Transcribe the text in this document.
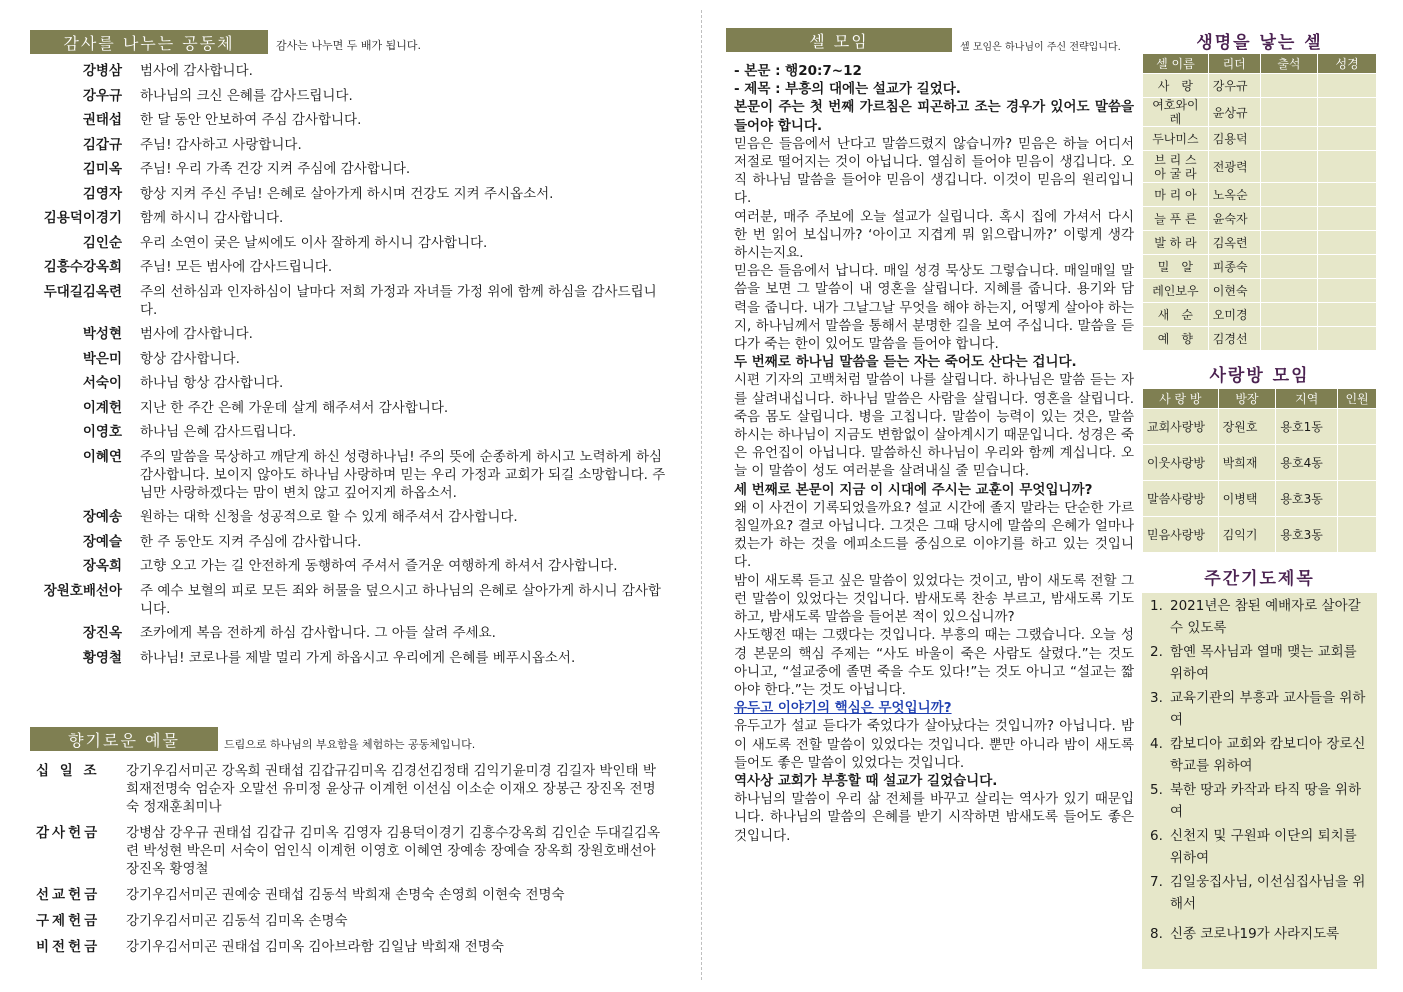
감사를 나누는 공동체	감사는 나누면 두 배가 됩니다.
강병삼 범사에 감사합니다.
강우규 하나님의 크신 은혜를 감사드립니다.
권태섭 한 달 동안 안보하여 주심 감사합니다.
김갑규 주님! 감사하고 사랑합니다.
김미옥 주님! 우리 가족 건강 지켜 주심에 감사합니다.
김영자 항상 지켜 주신 주님! 은혜로 살아가게 하시며 건강도 지켜 주시옵소서.
김용덕이경기 함께 하시니 감사합니다.
김인순 우리 소연이 궂은 날씨에도 이사 잘하게 하시니 감사합니다.
김흥수강옥희 주님! 모든 범사에 감사드립니다.
두대길김옥련 주의 선하심과 인자하심이 날마다 저희 가정과 자녀들 가정 위에 함께 하심을 감사드립니다.
박성현 범사에 감사합니다.
박은미 항상 감사합니다.
서숙이 하나님 항상 감사합니다.
이계헌 지난 한 주간 은혜 가운데 살게 해주셔서 감사합니다.
이영호 하나님 은혜 감사드립니다.
이혜연 주의 말씀을 묵상하고 깨닫게 하신 성령하나님! 주의 뜻에 순종하게 하시고 노력하게 하심 감사합니다. 보이지 않아도 하나님 사랑하며 믿는 우리 가정과 교회가 되길 소망합니다. 주님만 사랑하겠다는 맘이 변치 않고 깊어지게 하옵소서.
장예송 원하는 대학 신청을 성공적으로 할 수 있게 해주셔서 감사합니다.
장예슬 한 주 동안도 지켜 주심에 감사합니다.
장옥희 고향 오고 가는 길 안전하게 동행하여 주셔서 즐거운 여행하게 하셔서 감사합니다.
장원호배선아 주 예수 보혈의 피로 모든 죄와 허물을 덮으시고 하나님의 은혜로 살아가게 하시니 감사합니다.
장진옥 조카에게 복음 전하게 하심 감사합니다. 그 아들 살려 주세요.
황영철 하나님! 코로나를 제발 멀리 가게 하옵시고 우리에게 은혜를 베푸시옵소서.
향기로운 예물	드림으로 하나님의 부요함을 체험하는 공동체입니다.
십 일 조	강기우김서미곤 강옥희 권태섭 김갑규김미옥 김경선김정태 김익기윤미경 김길자 박인태 박희재전명숙 엄순자 오말선 유미정 윤상규 이계헌 이선심 이소순 이재오 장봉근 장진옥 전명숙 정재훈최미나
감사헌금	강병삼 강우규 권태섭 김갑규 김미옥 김영자 김용덕이경기 김흥수강옥희 김인순 두대길김옥련 박성현 박은미 서숙이 엄인식 이계헌 이영호 이혜연 장예송 장예슬 장옥희 장원호배선아 장진옥 황영철
선교헌금	강기우김서미곤 권예숭 권태섭 김동석 박희재 손명숙 손영희 이현숙 전명숙
구제헌금	강기우김서미곤 김동석 김미옥 손명숙
비전헌금	강기우김서미곤 권태섭 김미옥 김아브라함 김일남 박희재 전명숙
셀 모임	셀 모임은 하나님이 주신 전략입니다.

- 본문 : 행20:7~12

- 제목 : 부흥의 대에는 설교가 길었다.

본문이 주는 첫 번째 가르침은 피곤하고 조는 경우가 있어도 말씀을 들어야 합니다.

믿음은 들음에서 난다고 말씀드렸지 않습니까? 믿음은 하늘 어디서 저절로 떨어지는 것이 아닙니다. 열심히 들어야 믿음이 생깁니다. 오직 하나님 말씀을 들어야 믿음이 생깁니다. 이것이 믿음의 원리입니다.

여러분, 매주 주보에 오늘 설교가 실립니다. 혹시 집에 가셔서 다시 한 번 읽어 보십니까? ‘아이고 지겹게 뭐 읽으랍니까?’ 이렇게 생각하시는지요.

믿음은 들음에서 납니다. 매일 성경 묵상도 그렇습니다. 매일매일 말씀을 보면 그 말씀이 내 영혼을 살립니다. 지혜를 줍니다. 용기와 담력을 줍니다. 내가 그날그날 무엇을 해야 하는지, 어떻게 살아야 하는지, 하나님께서 말씀을 통해서 분명한 길을 보여 주십니다. 말씀을 듣다가 죽는 한이 있어도 말씀을 들어야 합니다.

두 번째로 하나님 말씀을 듣는 자는 죽어도 산다는 겁니다.

시편 기자의 고백처럼 말씀이 나를 살립니다. 하나님은 말씀 듣는 자를 살려내십니다. 하나님 말씀은 사람을 살립니다. 영혼을 살립니다. 죽음 몸도 살립니다. 병을 고칩니다. 말씀이 능력이 있는 것은, 말씀하시는 하나님이 지금도 변함없이 살아계시기 때문입니다. 성경은 죽은 유언집이 아닙니다. 말씀하신 하나님이 우리와 함께 계십니다. 오늘 이 말씀이 성도 여러분을 살려내실 줄 믿습니다.

세 번째로 본문이 지금 이 시대에 주시는 교훈이 무엇입니까?

왜 이 사건이 기록되었을까요? 설교 시간에 졸지 말라는 단순한 가르침일까요? 결코 아닙니다. 그것은 그때 당시에 말씀의 은혜가 얼마나 컸는가 하는 것을 에피소드를 중심으로 이야기를 하고 있는 것입니다.

밤이 새도록 듣고 싶은 말씀이 있었다는 것이고, 밤이 새도록 전할 그런 말씀이 있었다는 것입니다. 밤새도록 찬송 부르고, 밤새도록 기도하고, 밤새도록 말씀을 들어본 적이 있으십니까?

사도행전 때는 그랬다는 것입니다. 부흥의 때는 그랬습니다. 오늘 성경 본문의 핵심 주제는 “사도 바울이 죽은 사람도 살렸다.”는 것도 아니고, “설교중에 졸면 죽을 수도 있다!”는 것도 아니고 “설교는 짧아야 한다.”는 것도 아닙니다.

유두고 이야기의 핵심은 무엇입니까?

유두고가 설교 듣다가 죽었다가 살아났다는 것입니까? 아닙니다. 밤이 새도록 전할 말씀이 있었다는 것입니다. 뿐만 아니라 밤이 새도록 들어도 좋은 말씀이 있었다는 것입니다.

역사상 교회가 부흥할 때 설교가 길었습니다.

하나님의 말씀이 우리 삶 전체를 바꾸고 살리는 역사가 있기 때문입니다. 하나님의 말씀의 은혜를 받기 시작하면 밤새도록 들어도 좋은 것입니다.

생명을 낳는 셀
셀 이름	리더	출석	성경
사　랑	강우규		
여호와이레	윤상규		
두나미스	김용덕		
브 리 스 아 굴 라	전광력		
마 리 아	노옥순		
늘 푸 른	윤숙자		
발 하 라	김옥련		
밀　알	피종숙		
레인보우	이현숙		
새　순	오미경		
예　향	김경선		
사랑방 모임
사 랑 방	방장	지역	인원
교회사랑방	장원호	용호1동	
이웃사랑방	박희재	용호4동	
말씀사랑방	이병택	용호3동	
믿음사랑방	김익기	용호3동	
주간기도제목
1. 2021년은 참된 예배자로 살아갈 수 있도록
2. 함옌 목사님과 열매 맺는 교회를 위하여
3. 교육기관의 부흥과 교사들을 위하여
4. 캄보디아 교회와 캄보디아 장로신학교를 위하여
5. 북한 땅과 카작과 타직 땅을 위하여
6. 신천지 및 구원파 이단의 퇴치를 위하여
7. 김일웅집사님, 이선심집사님을 위해서
8. 신종 코로나19가 사라지도록
